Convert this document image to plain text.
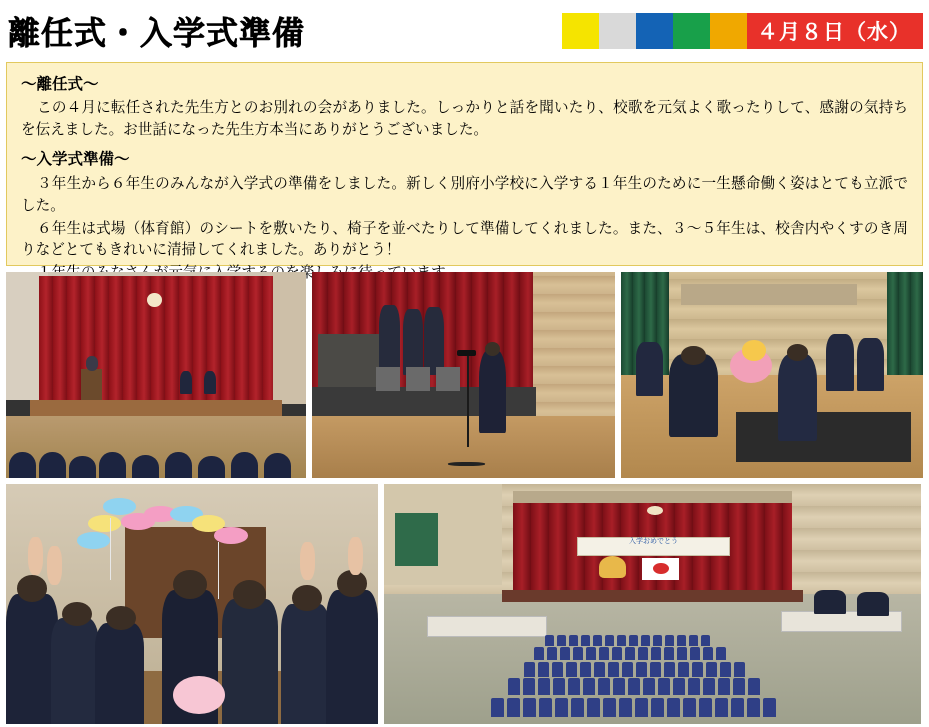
離任式・入学式準備	４月８日（水）
～離任式～

この４月に転任された先生方とのお別れの会がありました。しっかりと話を聞いたり、校歌を元気よく歌ったりして、感謝の気持ちを伝えました。お世話になった先生方本当にありがとうございました。

～入学式準備～

３年生から６年生のみんなが入学式の準備をしました。新しく別府小学校に入学する１年生のために一生懸命働く姿はとても立派でした。

６年生は式場（体育館）のシートを敷いたり、椅子を並べたりして準備してくれました。また、３～５年生は、校舎内やくすのき周りなどとてもきれいに清掃してくれました。ありがとう！

入学おめでとう
